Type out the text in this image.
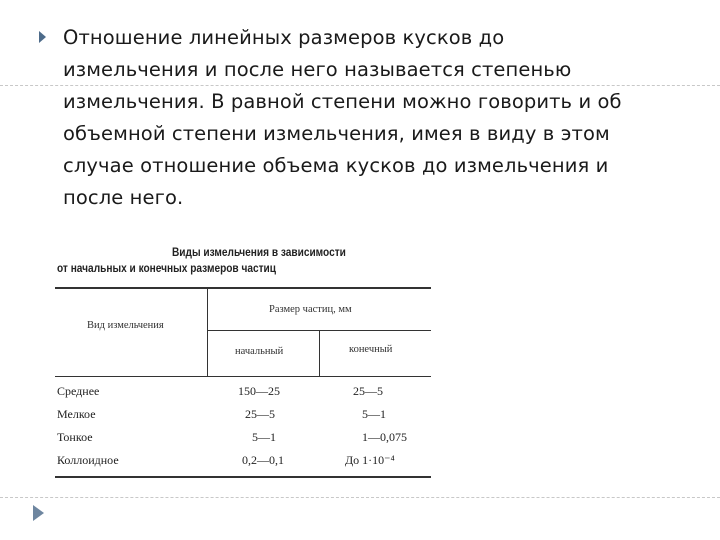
Отношение линейных размеров кусков до
измельчения и после него называется степенью
измельчения. В равной степени можно говорить и об
объемной степени измельчения, имея в виду в этом
случае отношение объема кусков до измельчения и
после него.
Виды измельчения в зависимости
от начальных и конечных размеров частиц
Вид измельчения
Размер частиц, мм
начальный	конечный
Среднее	150—25	25—5
Мелкое	25—5	5—1
Тонкое	5—1	1—0,075
Коллоидное	0,2—0,1	До 1·10⁻⁴
